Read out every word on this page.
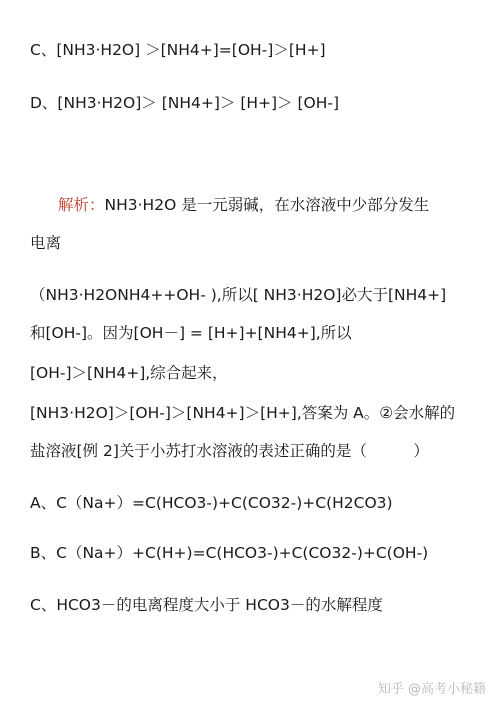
C、[NH3·H2O] ＞[NH4+]=[OH-]＞[H+]
D、[NH3·H2O]＞ [NH4+]＞ [H+]＞ [OH-]
解析：NH3·H2O 是一元弱碱，在水溶液中少部分发生
电离
（NH3·H2ONH4++OH- ),所以[ NH3·H2O]必大于[NH4+]
和[OH-]。因为[OH－] = [H+]+[NH4+],所以
[OH-]＞[NH4+],综合起来，
[NH3·H2O]＞[OH-]＞[NH4+]＞[H+],答案为 A。②会水解的
盐溶液[例 2]关于小苏打水溶液的表述正确的是（　　　）
A、C（Na+）=C(HCO3-)+C(CO32-)+C(H2CO3)
B、C（Na+）+C(H+)=C(HCO3-)+C(CO32-)+C(OH-)
C、HCO3－的电离程度大小于 HCO3－的水解程度
知乎 @高考小秘籍
